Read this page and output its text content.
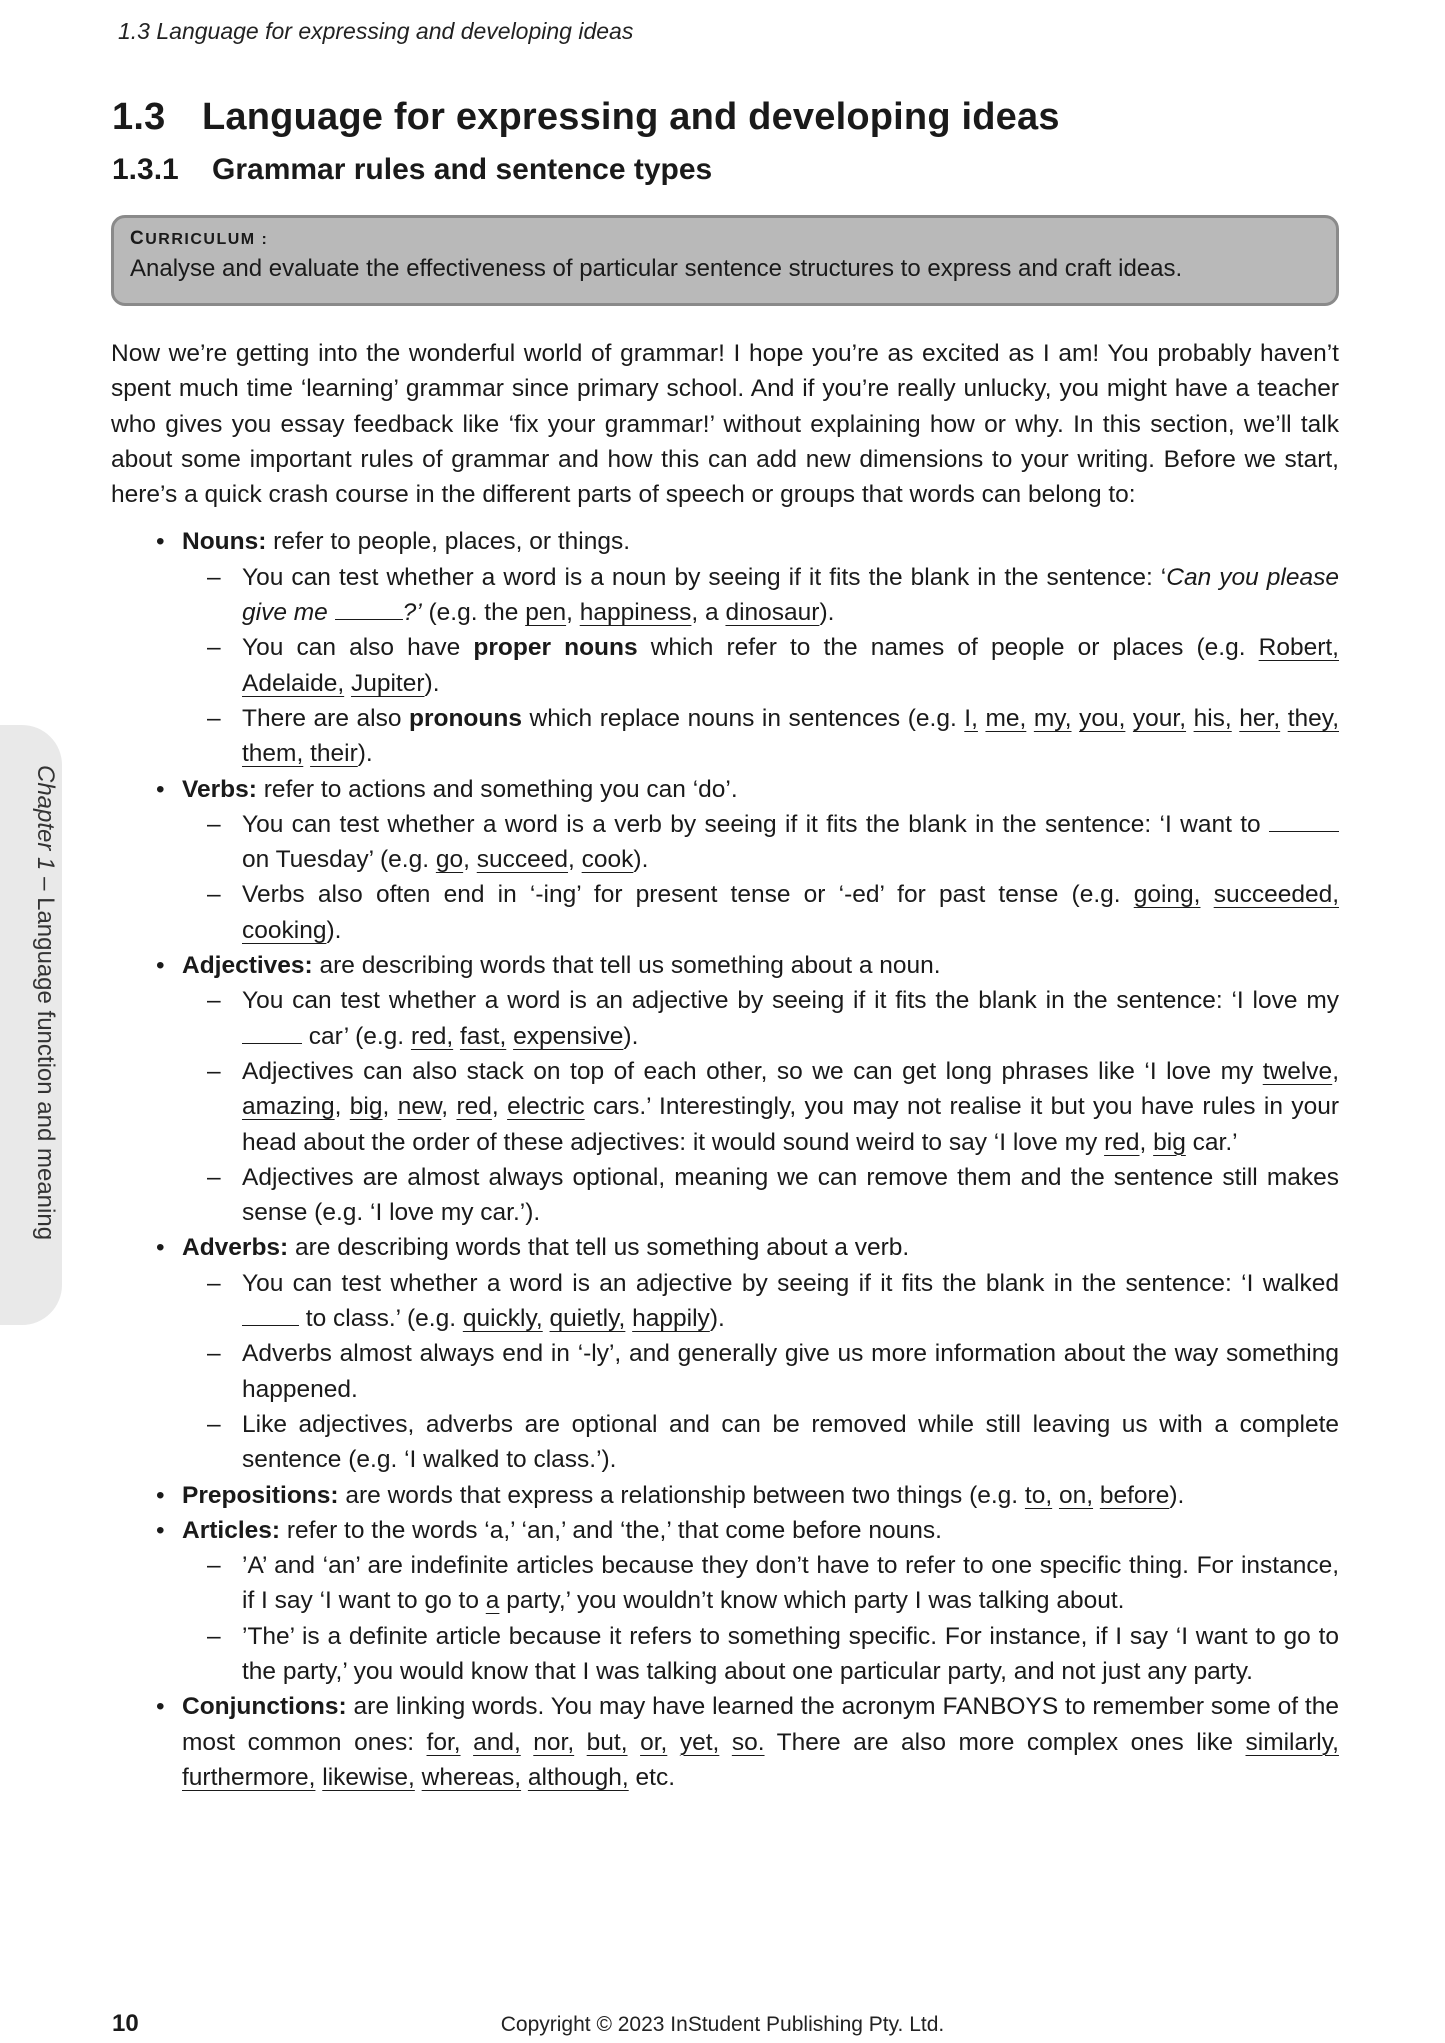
1.3 Language for expressing and developing ideas
1.3 Language for expressing and developing ideas
1.3.1 Grammar rules and sentence types
CURRICULUM :
Analyse and evaluate the effectiveness of particular sentence structures to express and craft ideas.
Chapter 1 – Language function and meaning

Now we’re getting into the wonderful world of grammar! I hope you’re as excited as I am! You probably haven’t spent much time ‘learning’ grammar since primary school. And if you’re really unlucky, you might have a teacher who gives you essay feedback like ‘fix your grammar!’ without explaining how or why. In this section, we’ll talk about some important rules of grammar and how this can add new dimensions to your writing. Before we start, here’s a quick crash course in the different parts of speech or groups that words can belong to:

• Nouns: refer to people, places, or things.
– You can test whether a word is a noun by seeing if it fits the blank in the sentence: ‘Can you please give me	?’ (e.g. the pen, happiness, a dinosaur).
– You can also have proper nouns which refer to the names of people or places (e.g. Robert, Adelaide, Jupiter).
– There are also pronouns which replace nouns in sentences (e.g. I, me, my, you, your, his, her, they, them, their).
• Verbs: refer to actions and something you can ‘do’.
– You can test whether a word is a verb by seeing if it fits the blank in the sentence: ‘I want to  on Tuesday’ (e.g. go, succeed, cook).
– Verbs also often end in ‘-ing’ for present tense or ‘-ed’ for past tense (e.g. going, succeeded, cooking).
• Adjectives: are describing words that tell us something about a noun.
– You can test whether a word is an adjective by seeing if it fits the blank in the sentence: ‘I love my  car’ (e.g. red, fast, expensive).
– Adjectives can also stack on top of each other, so we can get long phrases like ‘I love my twelve, amazing, big, new, red, electric cars.’ Interestingly, you may not realise it but you have rules in your head about the order of these adjectives: it would sound weird to say ‘I love my red, big car.’
– Adjectives are almost always optional, meaning we can remove them and the sentence still makes sense (e.g. ‘I love my car.’).
• Adverbs: are describing words that tell us something about a verb.
– You can test whether a word is an adjective by seeing if it fits the blank in the sentence: ‘I walked  to class.’ (e.g. quickly, quietly, happily).
– Adverbs almost always end in ‘-ly’, and generally give us more information about the way something happened.
– Like adjectives, adverbs are optional and can be removed while still leaving us with a complete sentence (e.g. ‘I walked to class.’).
• Prepositions: are words that express a relationship between two things (e.g. to, on, before).
• Articles: refer to the words ‘a,’ ‘an,’ and ‘the,’ that come before nouns.
– ’A’ and ‘an’ are indefinite articles because they don’t have to refer to one specific thing. For instance, if I say ‘I want to go to a party,’ you wouldn’t know which party I was talking about.
– ’The’ is a definite article because it refers to something specific. For instance, if I say ‘I want to go to the party,’ you would know that I was talking about one particular party, and not just any party.
• Conjunctions: are linking words. You may have learned the acronym FANBOYS to remember some of the most common ones: for, and, nor, but, or, yet, so. There are also more complex ones like similarly, furthermore, likewise, whereas, although, etc.
10	Copyright © 2023 InStudent Publishing Pty. Ltd.
